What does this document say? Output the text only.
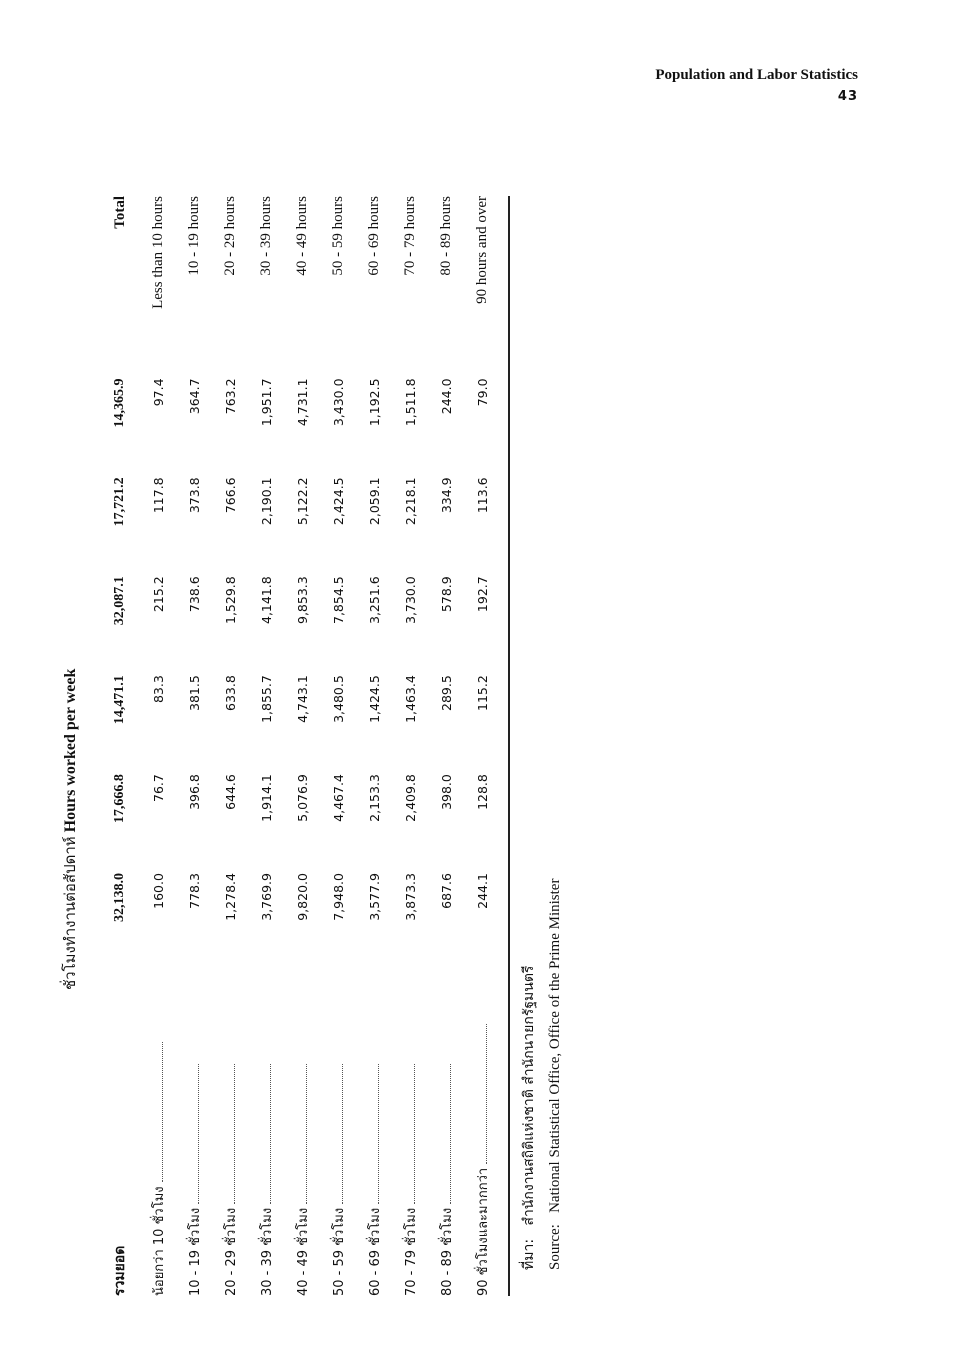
Population and Labor Statistics
43
ชั่วโมงทำงานต่อสัปดาห์ Hours worked per week
รวมยอด	32,138.0	17,666.8	14,471.1	32,087.1	17,721.2	14,365.9	Total
น้อยกว่า 10 ชั่วโมง	160.0	76.7	83.3	215.2	117.8	97.4	Less than 10 hours
10 - 19 ชั่วโมง	778.3	396.8	381.5	738.6	373.8	364.7	10 - 19 hours
20 - 29 ชั่วโมง	1,278.4	644.6	633.8	1,529.8	766.6	763.2	20 - 29 hours
30 - 39 ชั่วโมง	3,769.9	1,914.1	1,855.7	4,141.8	2,190.1	1,951.7	30 - 39 hours
40 - 49 ชั่วโมง	9,820.0	5,076.9	4,743.1	9,853.3	5,122.2	4,731.1	40 - 49 hours
50 - 59 ชั่วโมง	7,948.0	4,467.4	3,480.5	7,854.5	2,424.5	3,430.0	50 - 59 hours
60 - 69 ชั่วโมง	3,577.9	2,153.3	1,424.5	3,251.6	2,059.1	1,192.5	60 - 69 hours
70 - 79 ชั่วโมง	3,873.3	2,409.8	1,463.4	3,730.0	2,218.1	1,511.8	70 - 79 hours
80 - 89 ชั่วโมง	687.6	398.0	289.5	578.9	334.9	244.0	80 - 89 hours
90 ชั่วโมงและมากกว่า	244.1	128.8	115.2	192.7	113.6	79.0	90 hours and over
ที่มา:   สำนักงานสถิติแห่งชาติ สำนักนายกรัฐมนตรี
Source:   National Statistical Office, Office of the Prime Minister
